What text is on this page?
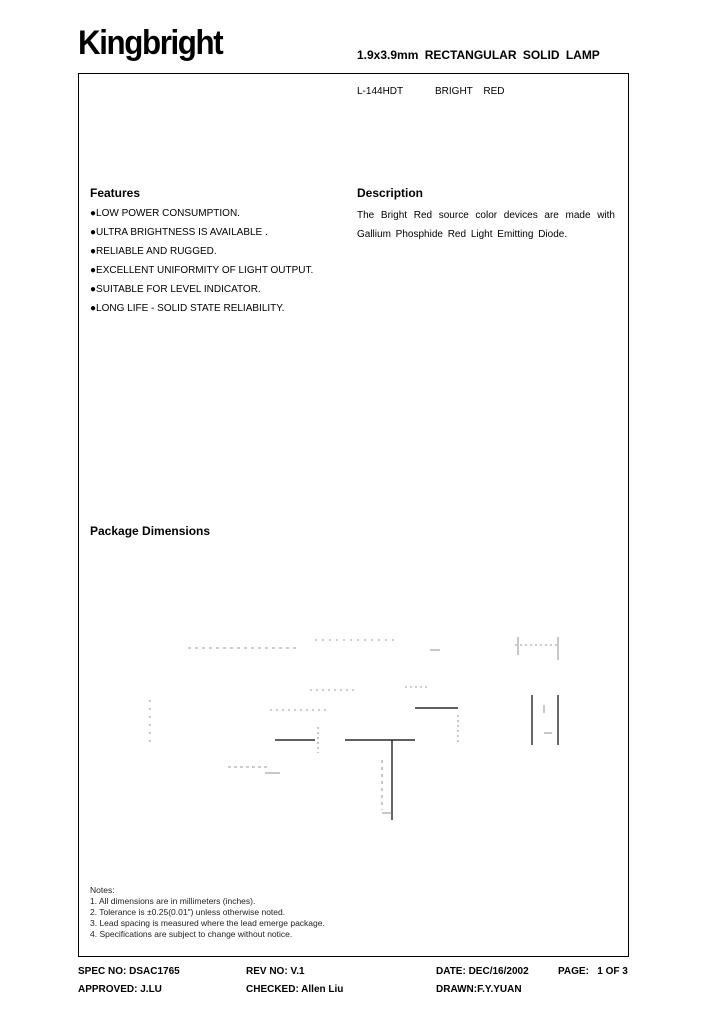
Kingbright	1.9x3.9mm RECTANGULAR SOLID LAMP
L-144HDT	BRIGHT RED
Features
●LOW POWER CONSUMPTION.
●ULTRA BRIGHTNESS IS AVAILABLE .
●RELIABLE AND RUGGED.
●EXCELLENT UNIFORMITY OF LIGHT OUTPUT.
●SUITABLE FOR LEVEL INDICATOR.
●LONG LIFE - SOLID STATE RELIABILITY.
Description
The Bright Red source color devices are made with Gallium Phosphide Red Light Emitting Diode.
Package Dimensions
Notes:
1. All dimensions are in millimeters (inches).
2. Tolerance is ±0.25(0.01") unless otherwise noted.
3. Lead spacing is measured where the lead emerge package.
4. Specifications are subject to change without notice.
SPEC NO: DSAC1765	REV NO: V.1	DATE: DEC/16/2002	PAGE:   1 OF 3
APPROVED: J.LU	CHECKED: Allen Liu	DRAWN:F.Y.YUAN
